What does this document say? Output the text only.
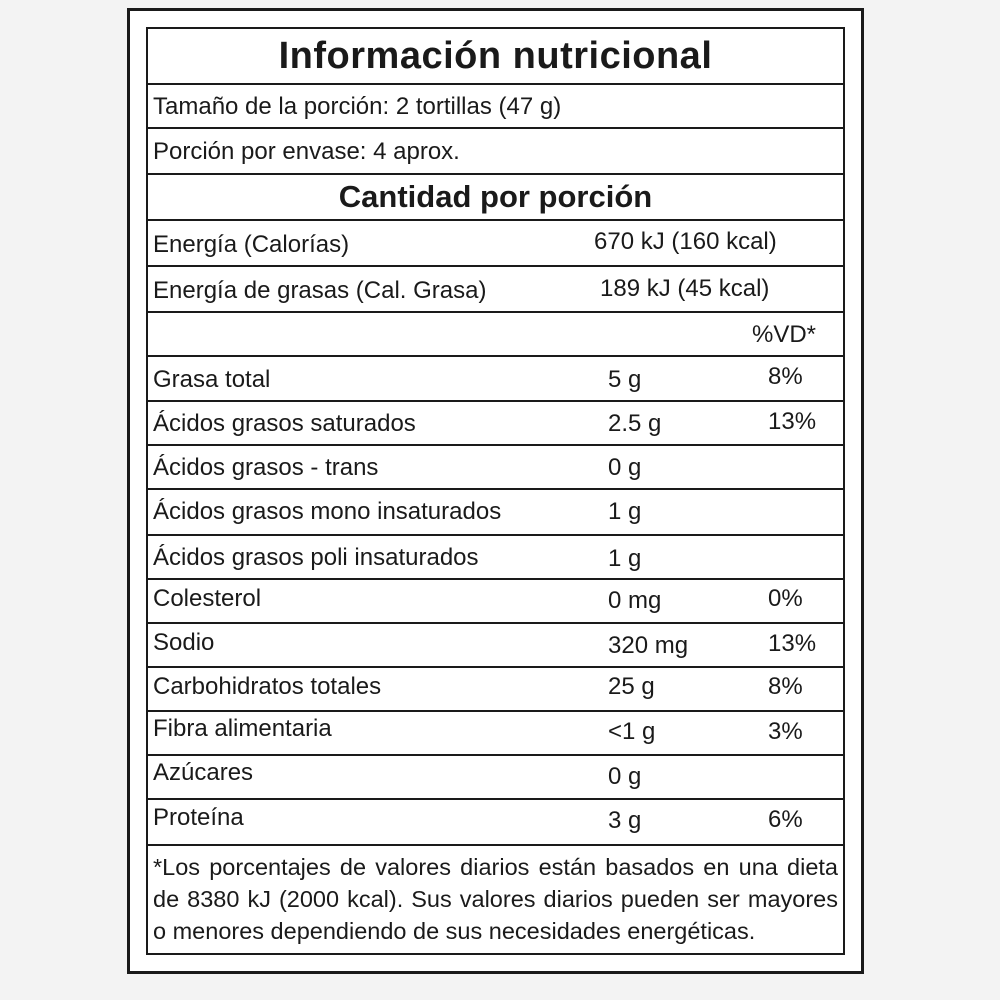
Información nutricional
Tamaño de la porción: 2 tortillas (47 g)
Porción por envase: 4 aprox.
Cantidad por porción
Energía (Calorías)	670 kJ (160 kcal)
Energía de grasas (Cal. Grasa)	189 kJ (45 kcal)
%VD*
Grasa total	5 g	8%
Ácidos grasos saturados	2.5 g	13%
Ácidos grasos - trans	0 g
Ácidos grasos mono insaturados	1 g
Ácidos grasos poli insaturados	1 g
Colesterol	0 mg	0%
Sodio	320 mg	13%
Carbohidratos totales	25 g	8%
Fibra alimentaria	<1 g	3%
Azúcares	0 g
Proteína	3 g	6%
*Los porcentajes de valores diarios están basados en una dieta de 8380 kJ (2000 kcal). Sus valores diarios pueden ser mayores o menores dependiendo de sus necesidades energéticas.
